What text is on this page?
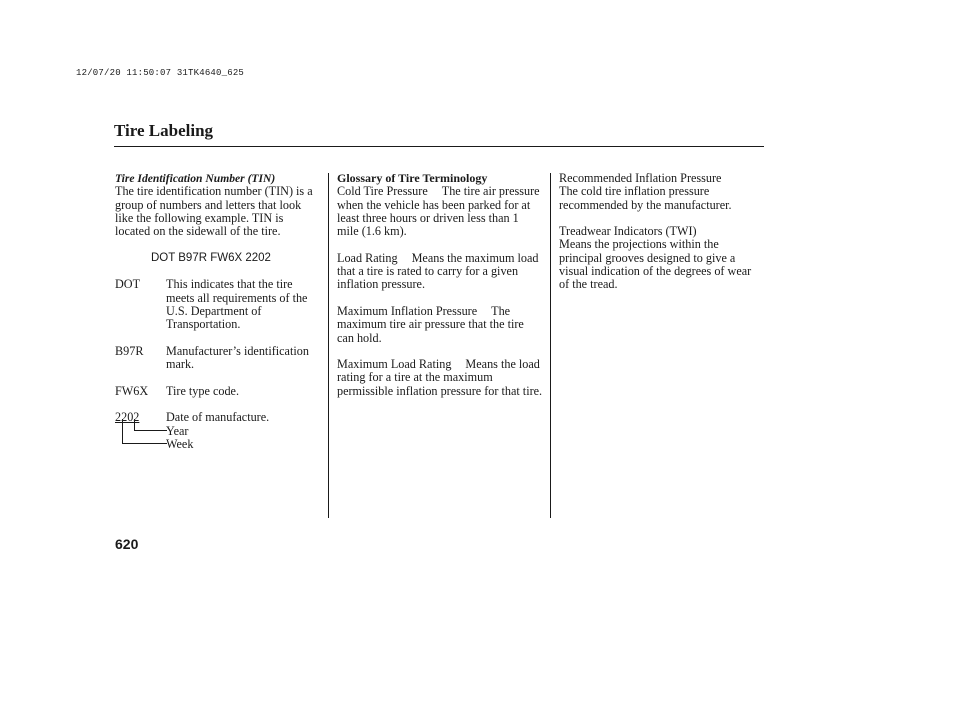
12/07/20 11:50:07 31TK4640_625
Tire Labeling

Tire Identification Number (TIN)

The tire identification number (TIN) is a group of numbers and letters that look like the following example. TIN is located on the sidewall of the tire.

DOT B97R FW6X 2202

DOT	This indicates that the tire meets all requirements of the U.S. Department of Transportation.
B97R	Manufacturer’s identification mark.
FW6X	Tire type code.
2202 Date of manufacture.
Year
Week

Glossary of Tire Terminology

Cold Tire Pressure The tire air pressure when the vehicle has been parked for at least three hours or driven less than 1 mile (1.6 km).

Load Rating Means the maximum load that a tire is rated to carry for a given inflation pressure.

Maximum Inflation Pressure The maximum tire air pressure that the tire can hold.

Maximum Load Rating Means the load rating for a tire at the maximum permissible inflation pressure for that tire.

Recommended Inflation Pressure

The cold tire inflation pressure recommended by the manufacturer.

Treadwear Indicators (TWI)

Means the projections within the principal grooves designed to give a visual indication of the degrees of wear of the tread.

620
